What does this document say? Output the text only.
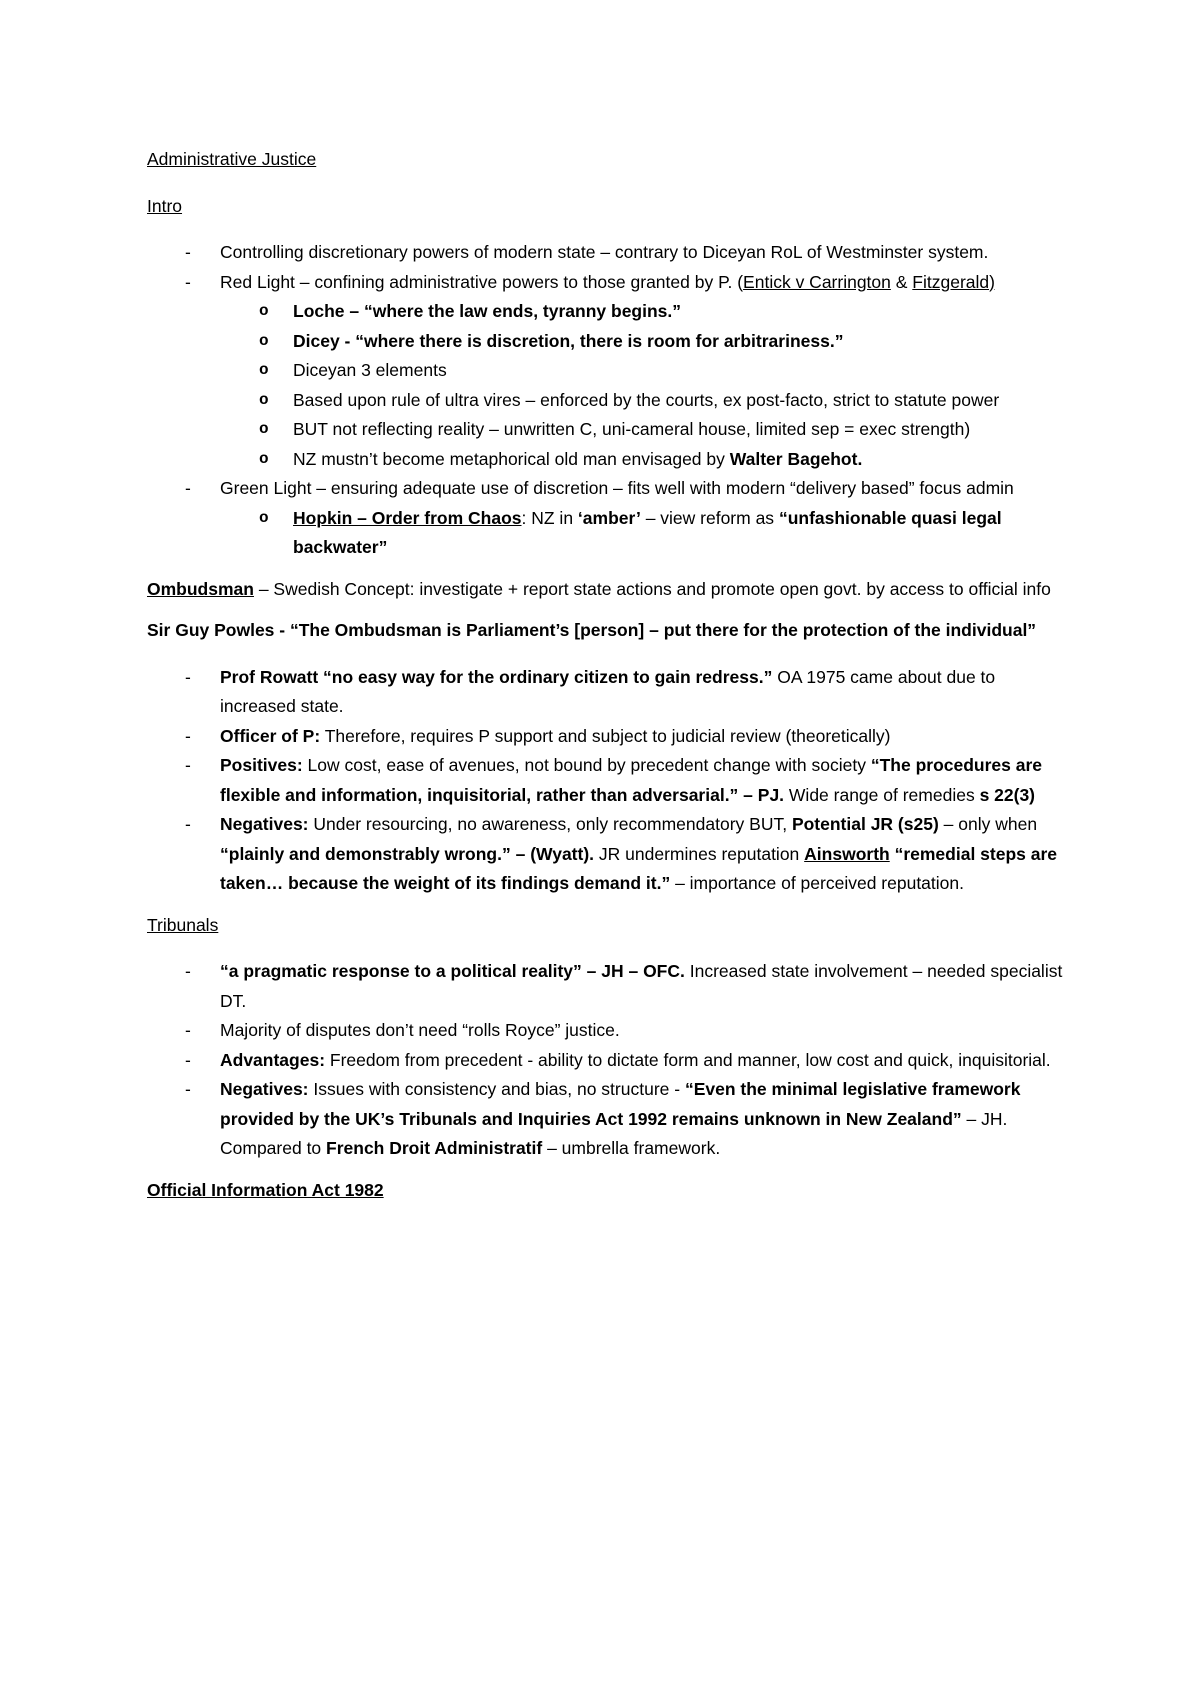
Administrative Justice

Intro

- Controlling discretionary powers of modern state – contrary to Diceyan RoL of Westminster system.

- Red Light – confining administrative powers to those granted by P. (Entick v Carrington & Fitzgerald)

o Loche – “where the law ends, tyranny begins.”

o Dicey - “where there is discretion, there is room for arbitrariness.”

o Diceyan 3 elements

o Based upon rule of ultra vires – enforced by the courts, ex post-facto, strict to statute power

o BUT not reflecting reality – unwritten C, uni-cameral house, limited sep = exec strength)

o NZ mustn’t become metaphorical old man envisaged by Walter Bagehot.

- Green Light – ensuring adequate use of discretion – fits well with modern “delivery based” focus admin

o Hopkin – Order from Chaos: NZ in ‘amber’ – view reform as “unfashionable quasi legal backwater”

Ombudsman – Swedish Concept: investigate + report state actions and promote open govt. by access to official info

Sir Guy Powles - “The Ombudsman is Parliament’s [person] – put there for the protection of the individual”

- Prof Rowatt “no easy way for the ordinary citizen to gain redress.” OA 1975 came about due to increased state.

- Officer of P: Therefore, requires P support and subject to judicial review (theoretically)

- Positives: Low cost, ease of avenues, not bound by precedent change with society “The procedures are flexible and information, inquisitorial, rather than adversarial.” – PJ. Wide range of remedies s 22(3)

- Negatives: Under resourcing, no awareness, only recommendatory BUT, Potential JR (s25) – only when “plainly and demonstrably wrong.” – (Wyatt). JR undermines reputation Ainsworth “remedial steps are taken… because the weight of its findings demand it.” – importance of perceived reputation.

Tribunals

- “a pragmatic response to a political reality” – JH – OFC. Increased state involvement – needed specialist DT.

- Majority of disputes don’t need “rolls Royce” justice.

- Advantages: Freedom from precedent - ability to dictate form and manner, low cost and quick, inquisitorial.

- Negatives: Issues with consistency and bias, no structure - “Even the minimal legislative framework provided by the UK’s Tribunals and Inquiries Act 1992 remains unknown in New Zealand” – JH. Compared to French Droit Administratif – umbrella framework.

Official Information Act 1982
